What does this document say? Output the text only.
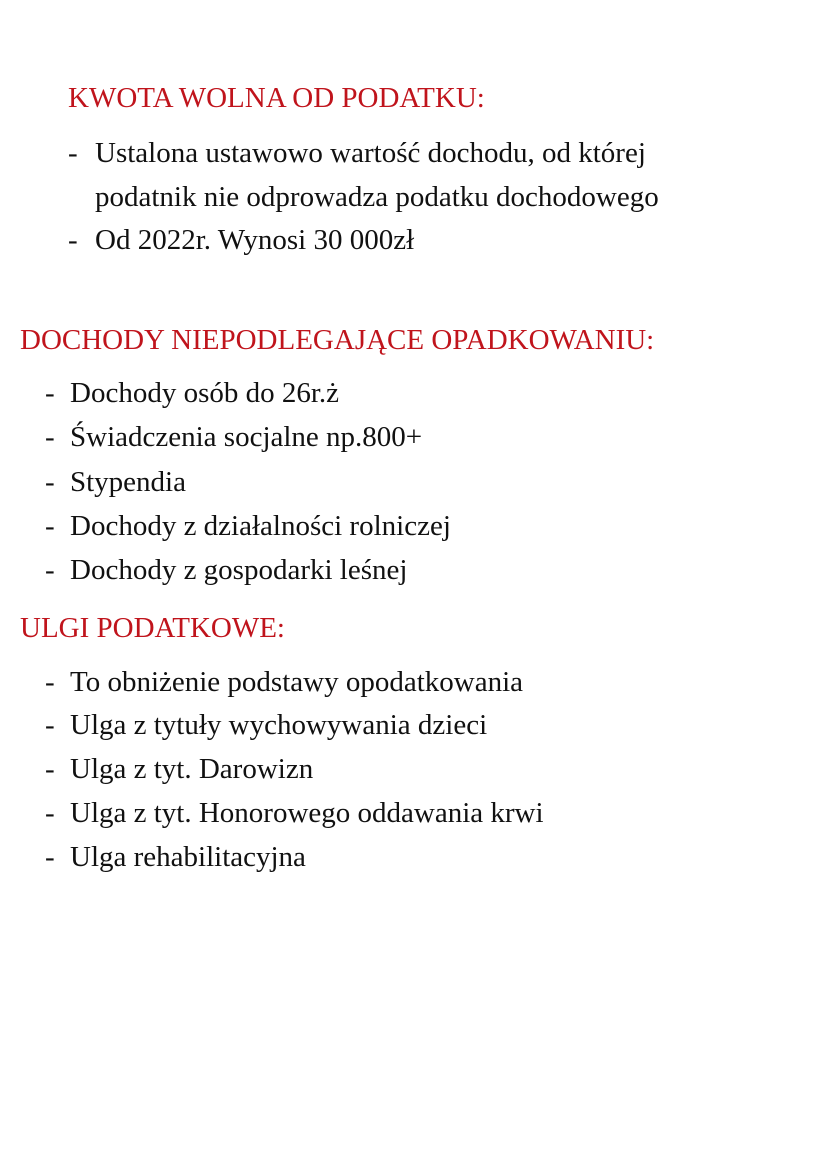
KWOTA WOLNA OD PODATKU:
- Ustalona ustawowo wartość dochodu, od której
podatnik nie odprowadza podatku dochodowego
- Od 2022r. Wynosi 30 000zł
DOCHODY NIEPODLEGAJĄCE OPADKOWANIU:
- Dochody osób do 26r.ż
- Świadczenia socjalne np.800+
- Stypendia
- Dochody z działalności rolniczej
- Dochody z gospodarki leśnej
ULGI PODATKOWE:
- To obniżenie podstawy opodatkowania
- Ulga z tytuły wychowywania dzieci
- Ulga z tyt. Darowizn
- Ulga z tyt. Honorowego oddawania krwi
- Ulga rehabilitacyjna
